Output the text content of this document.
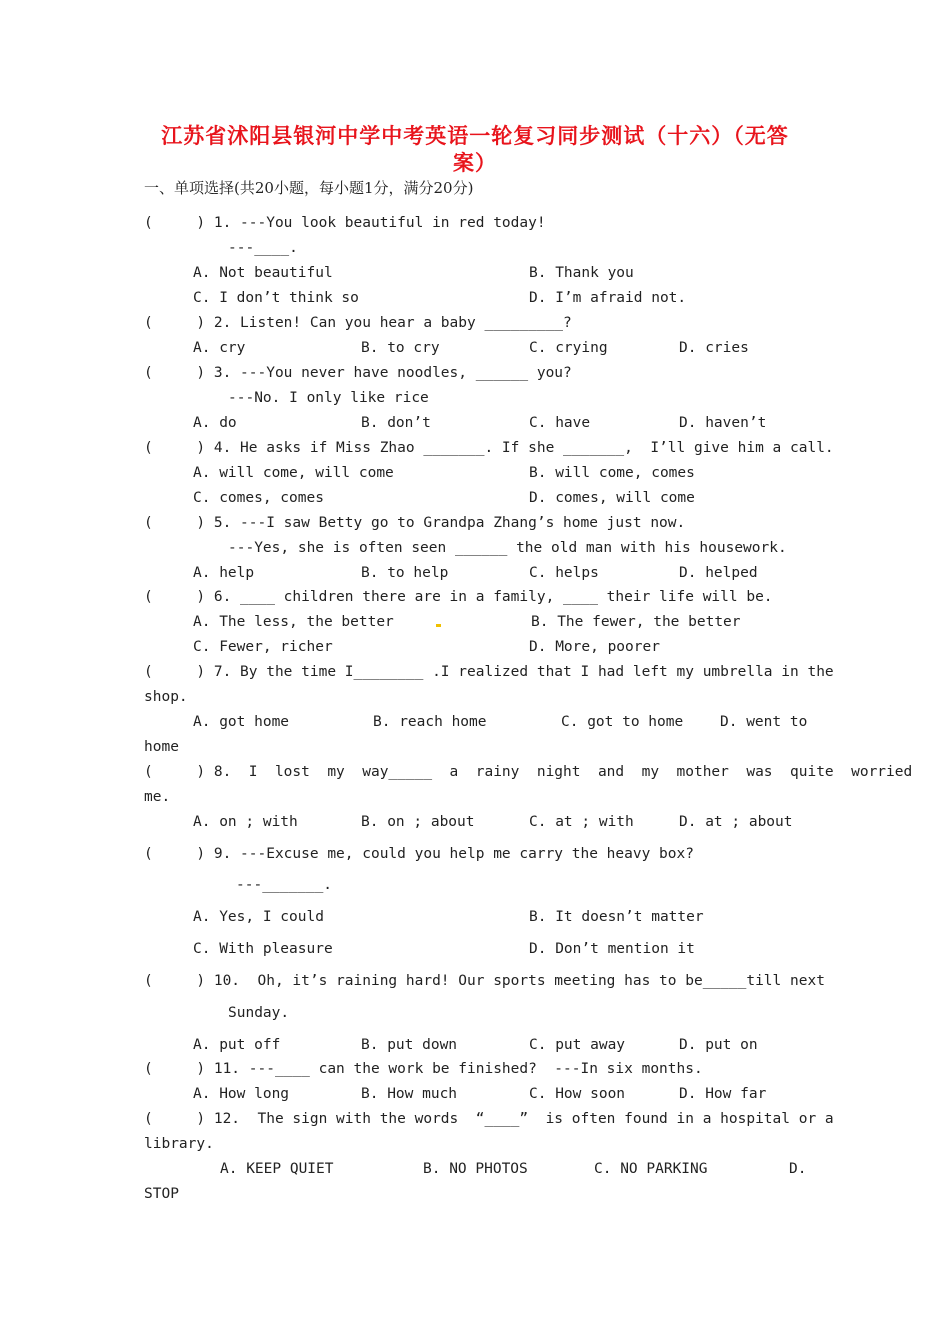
江苏省沭阳县银河中学中考英语一轮复习同步测试（十六）（无答
案）
一、单项选择(共20小题，每小题1分，满分20分)
(     ) 1. ---You look beautiful in red today!
---____.
A. Not beautiful	B. Thank you
C. I don’t think so	D. I’m afraid not.
(     ) 2. Listen! Can you hear a baby _________?
A. cry	B. to cry	C. crying	D. cries
(     ) 3. ---You never have noodles, ______ you?
---No. I only like rice
A. do	B. don’t	C. have	D. haven’t
(     ) 4. He asks if Miss Zhao _______. If she _______,  I’ll give him a call.
A. will come, will come	B. will come, comes
C. comes, comes	D. comes, will come
(     ) 5. ---I saw Betty go to Grandpa Zhang’s home just now.
---Yes, she is often seen ______ the old man with his housework.
A. help	B. to help	C. helps	D. helped
(     ) 6. ____ children there are in a family, ____ their life will be.
A. The less, the better	B. The fewer, the better
C. Fewer, richer	D. More, poorer
(     ) 7. By the time I________ .I realized that I had left my umbrella in the
shop.
A. got home	B. reach home	C. got to home	D. went to
home
(     ) 8.  I  lost  my  way_____  a  rainy  night  and  my  mother  was  quite  worried
me.
A. on ; with	B. on ; about	C. at ; with	D. at ; about
(     ) 9. ---Excuse me, could you help me carry the heavy box?
---_______.
A. Yes, I could	B. It doesn’t matter
C. With pleasure	D. Don’t mention it
(     ) 10.  Oh, it’s raining hard! Our sports meeting has to be_____till next
Sunday.
A. put off	B. put down	C. put away	D. put on
(     ) 11. ---____ can the work be finished?  ---In six months.
A. How long	B. How much	C. How soon	D. How far
(     ) 12.  The sign with the words  “____”  is often found in a hospital or a
library.
A. KEEP QUIET	B. NO PHOTOS	C. NO PARKING	D.
STOP
